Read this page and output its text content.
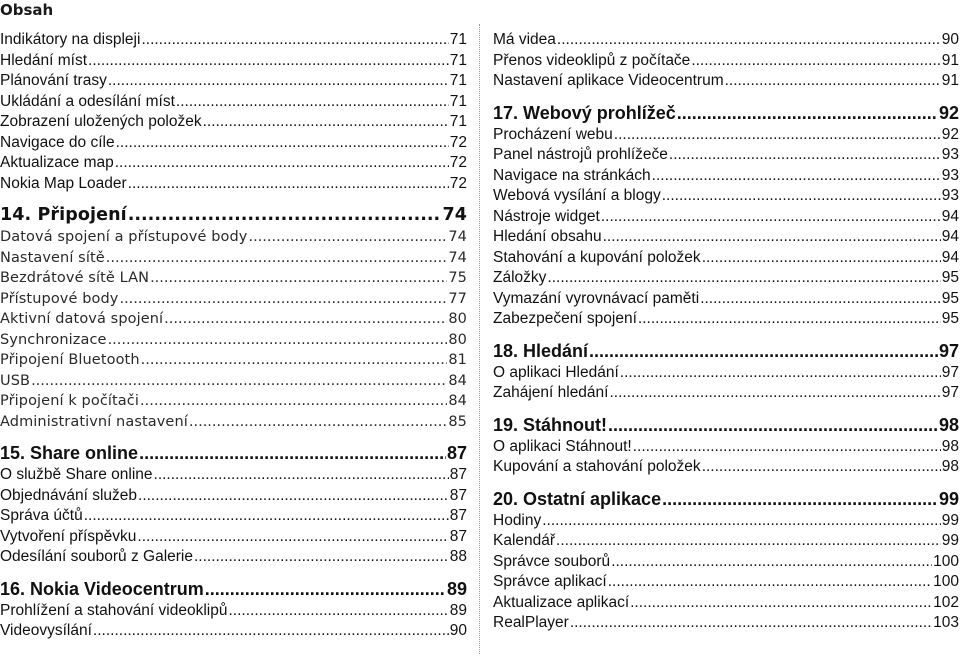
Obsah
Indikátory na displeji .....	71
Hledání míst .....	71
Plánování trasy .....	71
Ukládání a odesílání míst .....	71
Zobrazení uložených položek .....	71
Navigace do cíle .....	72
Aktualizace map .....	72
Nokia Map Loader .....	72
14. Připojení .....	74
Datová spojení a přístupové body .....	74
Nastavení sítě .....	74
Bezdrátové sítě LAN .....	75
Přístupové body .....	77
Aktivní datová spojení .....	80
Synchronizace .....	80
Připojení Bluetooth .....	81
USB .....	84
Připojení k počítači .....	84
Administrativní nastavení .....	85
15. Share online .....	87
O službě Share online .....	87
Objednávání služeb .....	87
Správa účtů .....	87
Vytvoření příspěvku .....	87
Odesílání souborů z Galerie .....	88
16. Nokia Videocentrum .....	89
Prohlížení a stahování videoklipů .....	89
Videovysílání .....	90
Má videa .....	90
Přenos videoklipů z počítače .....	91
Nastavení aplikace Videocentrum .....	91
17. Webový prohlížeč .....	92
Procházení webu .....	92
Panel nástrojů prohlížeče .....	93
Navigace na stránkách .....	93
Webová vysílání a blogy .....	93
Nástroje widget .....	94
Hledání obsahu .....	94
Stahování a kupování položek .....	94
Záložky .....	95
Vymazání vyrovnávací paměti .....	95
Zabezpečení spojení .....	95
18. Hledání .....	97
O aplikaci Hledání .....	97
Zahájení hledání .....	97
19. Stáhnout! .....	98
O aplikaci Stáhnout! .....	98
Kupování a stahování položek .....	98
20. Ostatní aplikace .....	99
Hodiny .....	99
Kalendář .....	99
Správce souborů .....	100
Správce aplikací .....	100
Aktualizace aplikací .....	102
RealPlayer .....	103
